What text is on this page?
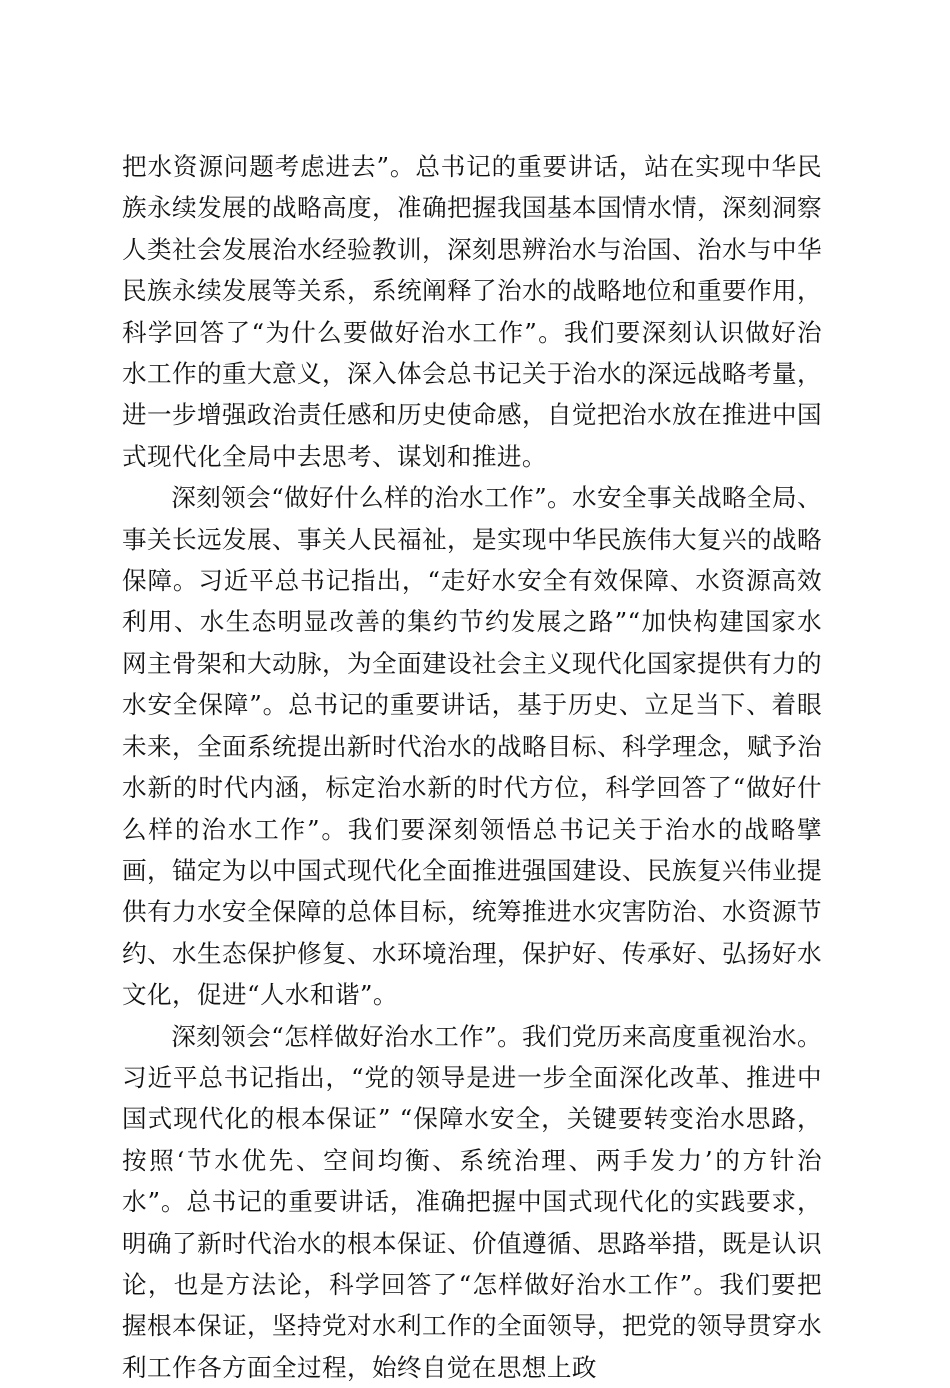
把水资源问题考虑进去”。总书记的重要讲话，站在实现中华民族永续发展的战略高度，准确把握我国基本国情水情，深刻洞察人类社会发展治水经验教训，深刻思辨治水与治国、治水与中华民族永续发展等关系，系统阐释了治水的战略地位和重要作用，科学回答了“为什么要做好治水工作”。我们要深刻认识做好治水工作的重大意义，深入体会总书记关于治水的深远战略考量，进一步增强政治责任感和历史使命感，自觉把治水放在推进中国式现代化全局中去思考、谋划和推进。

深刻领会“做好什么样的治水工作”。水安全事关战略全局、事关长远发展、事关人民福祉，是实现中华民族伟大复兴的战略保障。习近平总书记指出，“走好水安全有效保障、水资源高效利用、水生态明显改善的集约节约发展之路”“加快构建国家水网主骨架和大动脉，为全面建设社会主义现代化国家提供有力的水安全保障”。总书记的重要讲话，基于历史、立足当下、着眼未来，全面系统提出新时代治水的战略目标、科学理念，赋予治水新的时代内涵，标定治水新的时代方位，科学回答了“做好什么样的治水工作”。我们要深刻领悟总书记关于治水的战略擘画，锚定为以中国式现代化全面推进强国建设、民族复兴伟业提供有力水安全保障的总体目标，统筹推进水灾害防治、水资源节约、水生态保护修复、水环境治理，保护好、传承好、弘扬好水文化，促进“人水和谐”。

深刻领会“怎样做好治水工作”。我们党历来高度重视治水。习近平总书记指出，“党的领导是进一步全面深化改革、推进中国式现代化的根本保证” “保障水安全，关键要转变治水思路，按照‘节水优先、空间均衡、系统治理、两手发力’的方针治水”。总书记的重要讲话，准确把握中国式现代化的实践要求，明确了新时代治水的根本保证、价值遵循、思路举措，既是认识论，也是方法论，科学回答了“怎样做好治水工作”。我们要把握根本保证，坚持党对水利工作的全面领导，把党的领导贯穿水利工作各方面全过程，始终自觉在思想上政
